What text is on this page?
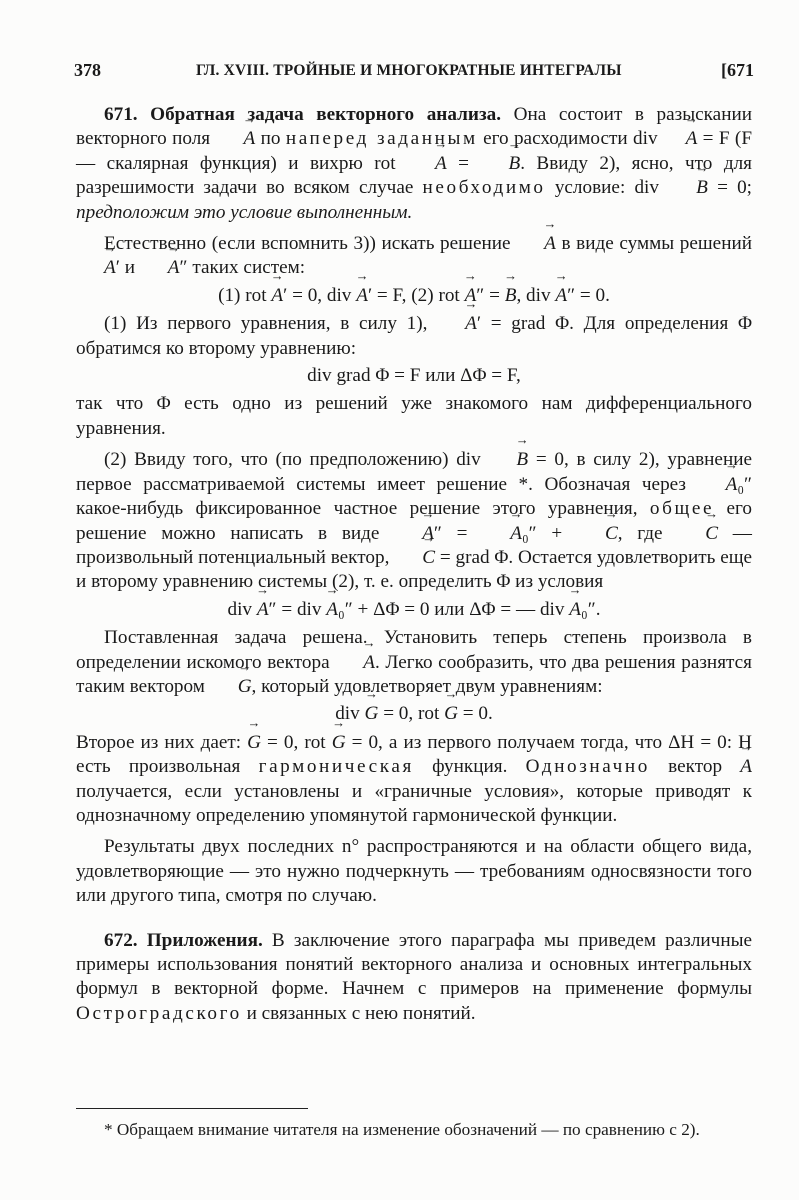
378	ГЛ. XVIII. ТРОЙНЫЕ И МНОГОКРАТНЫЕ ИНТЕГРАЛЫ	[671

671. Обратная задача векторного анализа. Она состоит в разыскании векторного поля → A по наперед заданным его расходимости div→ A = F (F — скалярная функция) и вихрю rot → A = → B. Ввиду 2), ясно, что для разрешимости задачи во всяком случае необходимо условие: div → B = 0; предположим это условие выполненным.

Естественно (если вспомнить 3)) искать решение → A в виде суммы решений → A′ и → A″ таких систем:

(1) rot → A′ = 0, div → A′ = F, (2) rot → A″ = → B, div → A″ = 0.

(1) Из первого уравнения, в силу 1), → A′ = grad Φ. Для определения Φ обратимся ко второму уравнению:

div grad Φ = F или ΔΦ = F,

так что Φ есть одно из решений уже знакомого нам дифференциального уравнения.

(2) Ввиду того, что (по предположению) div → B = 0, в силу 2), уравнение первое рассматриваемой системы имеет решение *. Обозначая через → A₀″ какое-нибудь фиксированное частное решение этого уравнения, общее его решение можно написать в виде → A″ = → A₀″ + → C, где → C — произвольный потенциальный вектор, → C = grad Φ. Остается удовлетворить еще и второму уравнению системы (2), т. е. определить Φ из условия

div → A″ = div → A₀″ + ΔΦ = 0 или ΔΦ = — div → A₀″.

Поставленная задача решена. Установить теперь степень произвола в определении искомого вектора → A. Легко сообразить, что два решения разнятся таким вектором → G, который удовлетворяет двум уравнениям:

div → G = 0, rot → G = 0.

Второе из них дает: → G = 0, rot → G = 0, а из первого получаем тогда, что ΔH = 0: H есть произвольная гармоническая функция. Однозначно вектор → A получается, если установлены и «граничные условия», которые приводят к однозначному определению упомянутой гармонической функции.

Результаты двух последних n° распространяются и на области общего вида, удовлетворяющие — это нужно подчеркнуть — требованиям односвязности того или другого типа, смотря по случаю.

672. Приложения. В заключение этого параграфа мы приведем различные примеры использования понятий векторного анализа и основных интегральных формул в векторной форме. Начнем с примеров на применение формулы Остроградского и связанных с нею понятий.

* Обращаем внимание читателя на изменение обозначений — по сравнению с 2).
